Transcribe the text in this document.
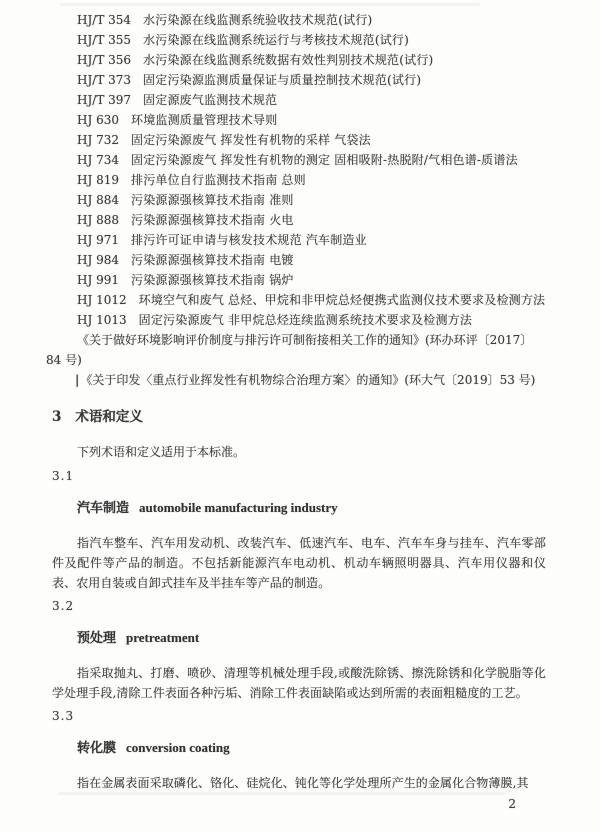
HJ/T 354 水污染源在线监测系统验收技术规范(试行)
HJ/T 355 水污染源在线监测系统运行与考核技术规范(试行)
HJ/T 356 水污染源在线监测系统数据有效性判别技术规范(试行)
HJ/T 373 固定污染源监测质量保证与质量控制技术规范(试行)
HJ/T 397 固定源废气监测技术规范
HJ 630 环境监测质量管理技术导则
HJ 732 固定污染源废气 挥发性有机物的采样 气袋法
HJ 734 固定污染源废气 挥发性有机物的测定 固相吸附-热脱附/气相色谱-质谱法
HJ 819 排污单位自行监测技术指南 总则
HJ 884 污染源源强核算技术指南 准则
HJ 888 污染源源强核算技术指南 火电
HJ 971 排污许可证申请与核发技术规范 汽车制造业
HJ 984 污染源源强核算技术指南 电镀
HJ 991 污染源源强核算技术指南 锅炉
HJ 1012 环境空气和废气 总烃、甲烷和非甲烷总烃便携式监测仪技术要求及检测方法
HJ 1013 固定污染源废气 非甲烷总烃连续监测系统技术要求及检测方法
《关于做好环境影响评价制度与排污许可制衔接相关工作的通知》(环办环评〔2017〕
84 号)
|《关于印发〈重点行业挥发性有机物综合治理方案〉的通知》(环大气〔2019〕53 号)
3 术语和定义

下列术语和定义适用于本标准。

3.1
汽车制造 automobile manufacturing industry

指汽车整车、汽车用发动机、改装汽车、低速汽车、电车、汽车车身与挂车、汽车零部件及配件等产品的制造。不包括新能源汽车电动机、机动车辆照明器具、汽车用仪器和仪表、农用自装或自卸式挂车及半挂车等产品的制造。

3.2
预处理 pretreatment

指采取抛丸、打磨、喷砂、清理等机械处理手段,或酸洗除锈、擦洗除锈和化学脱脂等化学处理手段,清除工件表面各种污垢、消除工件表面缺陷或达到所需的表面粗糙度的工艺。

3.3
转化膜 conversion coating

指在金属表面采取磷化、铬化、硅烷化、钝化等化学处理所产生的金属化合物薄膜,其

2
